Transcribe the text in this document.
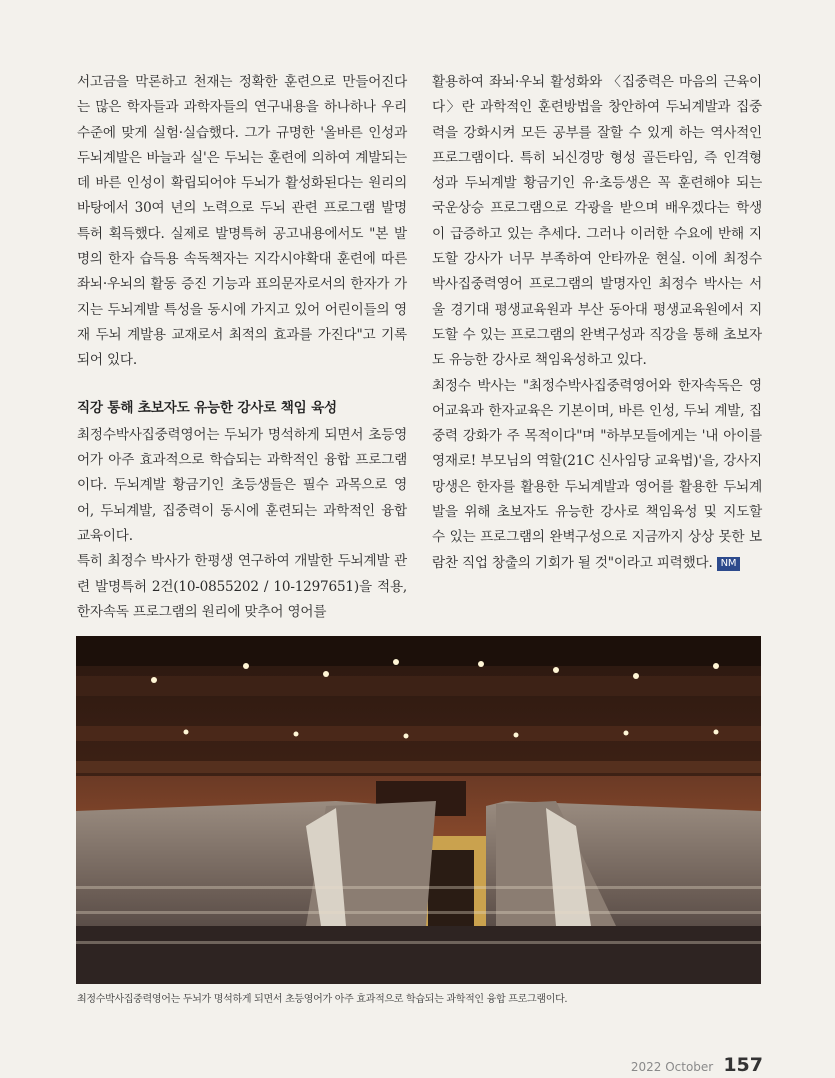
서고금을 막론하고 천재는 정확한 훈련으로 만들어진다는 많은 학자들과 과학자들의 연구내용을 하나하나 우리 수준에 맞게 실험·실습했다. 그가 규명한 '올바른 인성과 두뇌계발은 바늘과 실'은 두뇌는 훈련에 의하여 계발되는데 바른 인성이 확립되어야 두뇌가 활성화된다는 원리의 바탕에서 30여 년의 노력으로 두뇌 관련 프로그램 발명특허 획득했다. 실제로 발명특허 공고내용에서도 "본 발명의 한자 습득용 속독책자는 지각시야확대 훈련에 따른 좌뇌·우뇌의 활동 증진 기능과 표의문자로서의 한자가 가지는 두뇌계발 특성을 동시에 가지고 있어 어린이들의 영재 두뇌 계발용 교재로서 최적의 효과를 가진다"고 기록되어 있다.

직강 통해 초보자도 유능한 강사로 책임 육성

최정수박사집중력영어는 두뇌가 명석하게 되면서 초등영어가 아주 효과적으로 학습되는 과학적인 융합 프로그램이다. 두뇌계발 황금기인 초등생들은 필수 과목으로 영어, 두뇌계발, 집중력이 동시에 훈련되는 과학적인 융합교육이다.

특히 최정수 박사가 한평생 연구하여 개발한 두뇌계발 관련 발명특허 2건(10-0855202 / 10-1297651)을 적용, 한자속독 프로그램의 원리에 맞추어 영어를

활용하여 좌뇌·우뇌 활성화와 〈집중력은 마음의 근육이다〉란 과학적인 훈련방법을 창안하여 두뇌계발과 집중력을 강화시켜 모든 공부를 잘할 수 있게 하는 역사적인 프로그램이다. 특히 뇌신경망 형성 골든타임, 즉 인격형성과 두뇌계발 황금기인 유·초등생은 꼭 훈련해야 되는 국운상승 프로그램으로 각광을 받으며 배우겠다는 학생이 급증하고 있는 추세다. 그러나 이러한 수요에 반해 지도할 강사가 너무 부족하여 안타까운 현실. 이에 최정수박사집중력영어 프로그램의 발명자인 최정수 박사는 서울 경기대 평생교육원과 부산 동아대 평생교육원에서 지도할 수 있는 프로그램의 완벽구성과 직강을 통해 초보자도 유능한 강사로 책임육성하고 있다.

최정수 박사는 "최정수박사집중력영어와 한자속독은 영어교육과 한자교육은 기본이며, 바른 인성, 두뇌 계발, 집중력 강화가 주 목적이다"며 "하부모들에게는 '내 아이를 영재로! 부모님의 역할(21C 신사임당 교육법)'을, 강사지망생은 한자를 활용한 두뇌계발과 영어를 활용한 두뇌계발을 위해 초보자도 유능한 강사로 책임육성 및 지도할 수 있는 프로그램의 완벽구성으로 지금까지 상상 못한 보람찬 직업 창출의 기회가 될 것"이라고 피력했다. NM

최정수박사집중력영어는 두뇌가 명석하게 되면서 초등영어가 아주 효과적으로 학습되는 과학적인 융합 프로그램이다.
2022 October 157
